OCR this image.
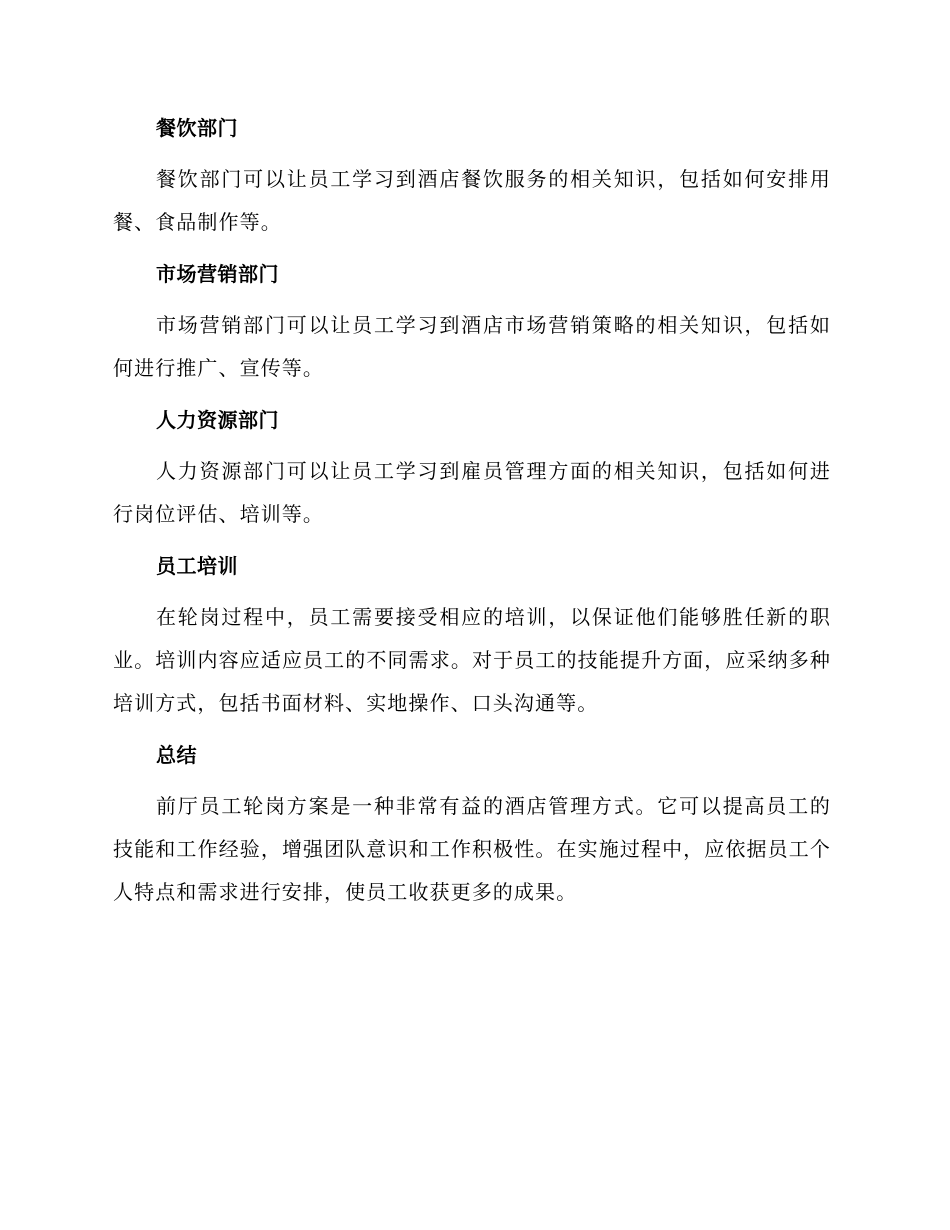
餐饮部门

餐饮部门可以让员工学习到酒店餐饮服务的相关知识，包括如何安排用餐、食品制作等。

市场营销部门

市场营销部门可以让员工学习到酒店市场营销策略的相关知识，包括如何进行推广、宣传等。

人力资源部门

人力资源部门可以让员工学习到雇员管理方面的相关知识，包括如何进行岗位评估、培训等。

员工培训

在轮岗过程中，员工需要接受相应的培训，以保证他们能够胜任新的职业。培训内容应适应员工的不同需求。对于员工的技能提升方面，应采纳多种培训方式，包括书面材料、实地操作、口头沟通等。

总结

前厅员工轮岗方案是一种非常有益的酒店管理方式。它可以提高员工的技能和工作经验，增强团队意识和工作积极性。在实施过程中，应依据员工个人特点和需求进行安排，使员工收获更多的成果。
